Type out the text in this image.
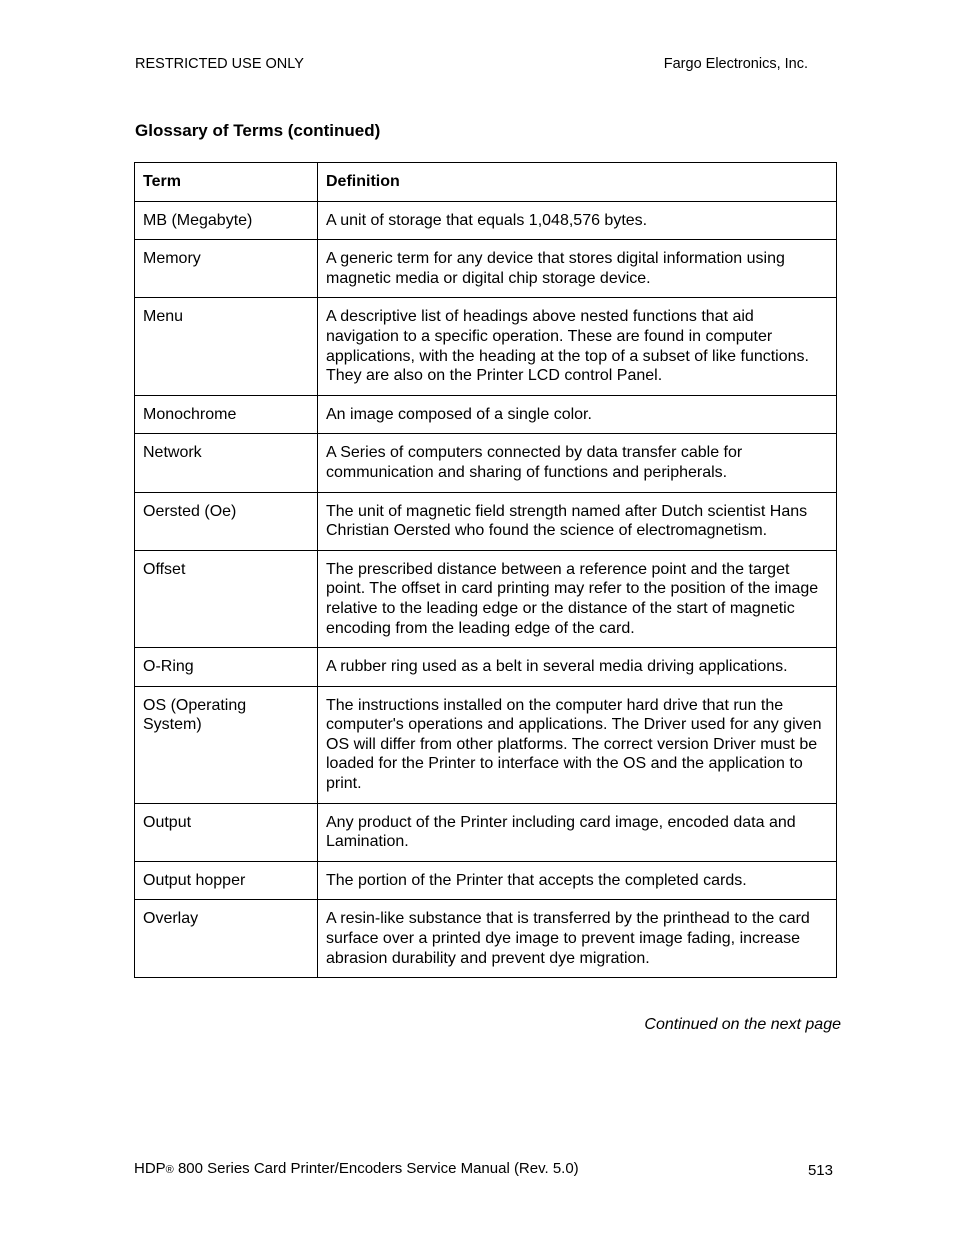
RESTRICTED USE ONLY	Fargo Electronics, Inc.
Glossary of Terms (continued)
Term	Definition
MB (Megabyte)	A unit of storage that equals 1,048,576 bytes.
Memory	A generic term for any device that stores digital information using magnetic media or digital chip storage device.
Menu	A descriptive list of headings above nested functions that aid navigation to a specific operation. These are found in computer applications, with the heading at the top of a subset of like functions. They are also on the Printer LCD control Panel.
Monochrome	An image composed of a single color.
Network	A Series of computers connected by data transfer cable for communication and sharing of functions and peripherals.
Oersted (Oe)	The unit of magnetic field strength named after Dutch scientist Hans Christian Oersted who found the science of electromagnetism.
Offset	The prescribed distance between a reference point and the target point. The offset in card printing may refer to the position of the image relative to the leading edge or the distance of the start of magnetic encoding from the leading edge of the card.
O-Ring	A rubber ring used as a belt in several media driving applications.
OS (Operating System)	The instructions installed on the computer hard drive that run the computer's operations and applications. The Driver used for any given OS will differ from other platforms. The correct version Driver must be loaded for the Printer to interface with the OS and the application to print.
Output	Any product of the Printer including card image, encoded data and Lamination.
Output hopper	The portion of the Printer that accepts the completed cards.
Overlay	A resin-like substance that is transferred by the printhead to the card surface over a printed dye image to prevent image fading, increase abrasion durability and prevent dye migration.
Continued on the next page
HDP® 800 Series Card Printer/Encoders Service Manual (Rev. 5.0)	513
